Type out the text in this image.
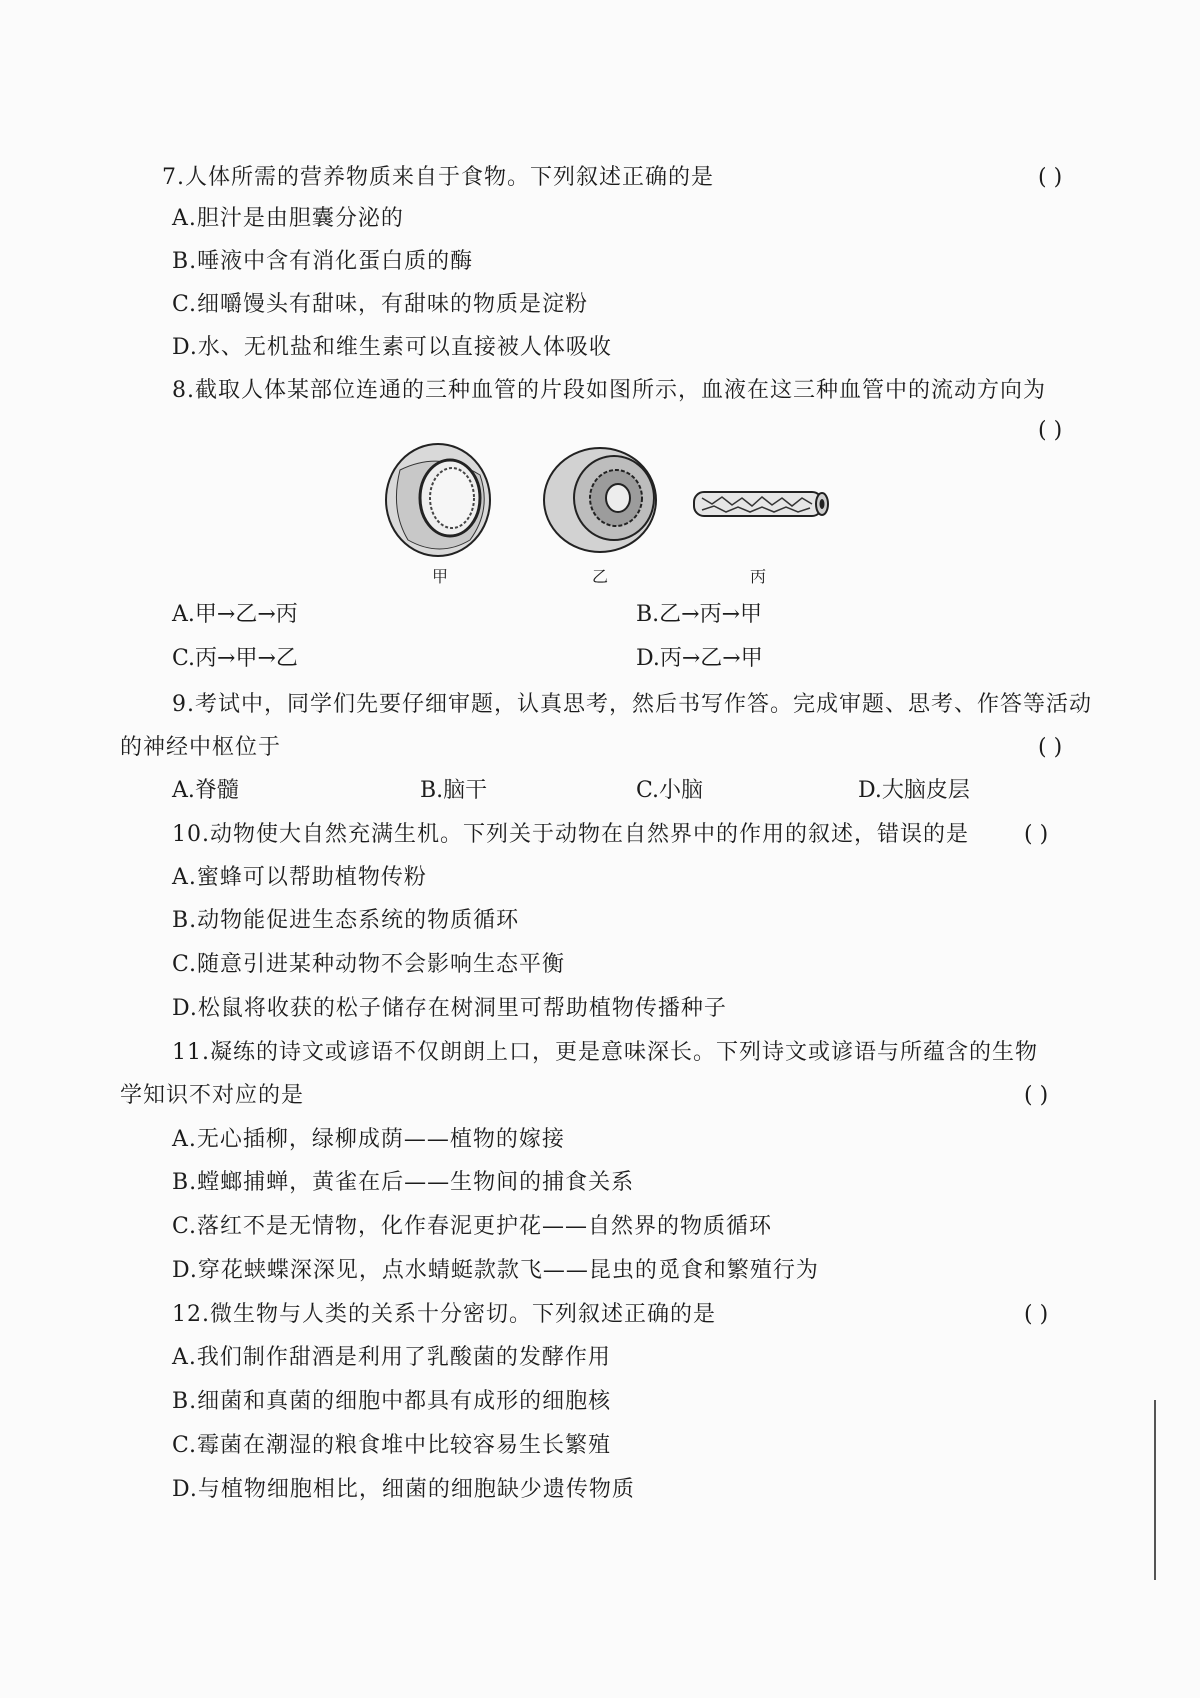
7.人体所需的营养物质来自于食物。下列叙述正确的是	( )
A.胆汁是由胆囊分泌的
B.唾液中含有消化蛋白质的酶
C.细嚼馒头有甜味，有甜味的物质是淀粉
D.水、无机盐和维生素可以直接被人体吸收
8.截取人体某部位连通的三种血管的片段如图所示，血液在这三种血管中的流动方向为
( )
甲	乙	丙
A.甲→乙→丙	B.乙→丙→甲
C.丙→甲→乙	D.丙→乙→甲
9.考试中，同学们先要仔细审题，认真思考，然后书写作答。完成审题、思考、作答等活动
的神经中枢位于	( )
A.脊髓	B.脑干	C.小脑	D.大脑皮层
10.动物使大自然充满生机。下列关于动物在自然界中的作用的叙述，错误的是	( )
A.蜜蜂可以帮助植物传粉
B.动物能促进生态系统的物质循环
C.随意引进某种动物不会影响生态平衡
D.松鼠将收获的松子储存在树洞里可帮助植物传播种子
11.凝练的诗文或谚语不仅朗朗上口，更是意味深长。下列诗文或谚语与所蕴含的生物
学知识不对应的是	( )
A.无心插柳，绿柳成荫——植物的嫁接
B.螳螂捕蝉，黄雀在后——生物间的捕食关系
C.落红不是无情物，化作春泥更护花——自然界的物质循环
D.穿花蛱蝶深深见，点水蜻蜓款款飞——昆虫的觅食和繁殖行为
12.微生物与人类的关系十分密切。下列叙述正确的是	( )
A.我们制作甜酒是利用了乳酸菌的发酵作用
B.细菌和真菌的细胞中都具有成形的细胞核
C.霉菌在潮湿的粮食堆中比较容易生长繁殖
D.与植物细胞相比，细菌的细胞缺少遗传物质
